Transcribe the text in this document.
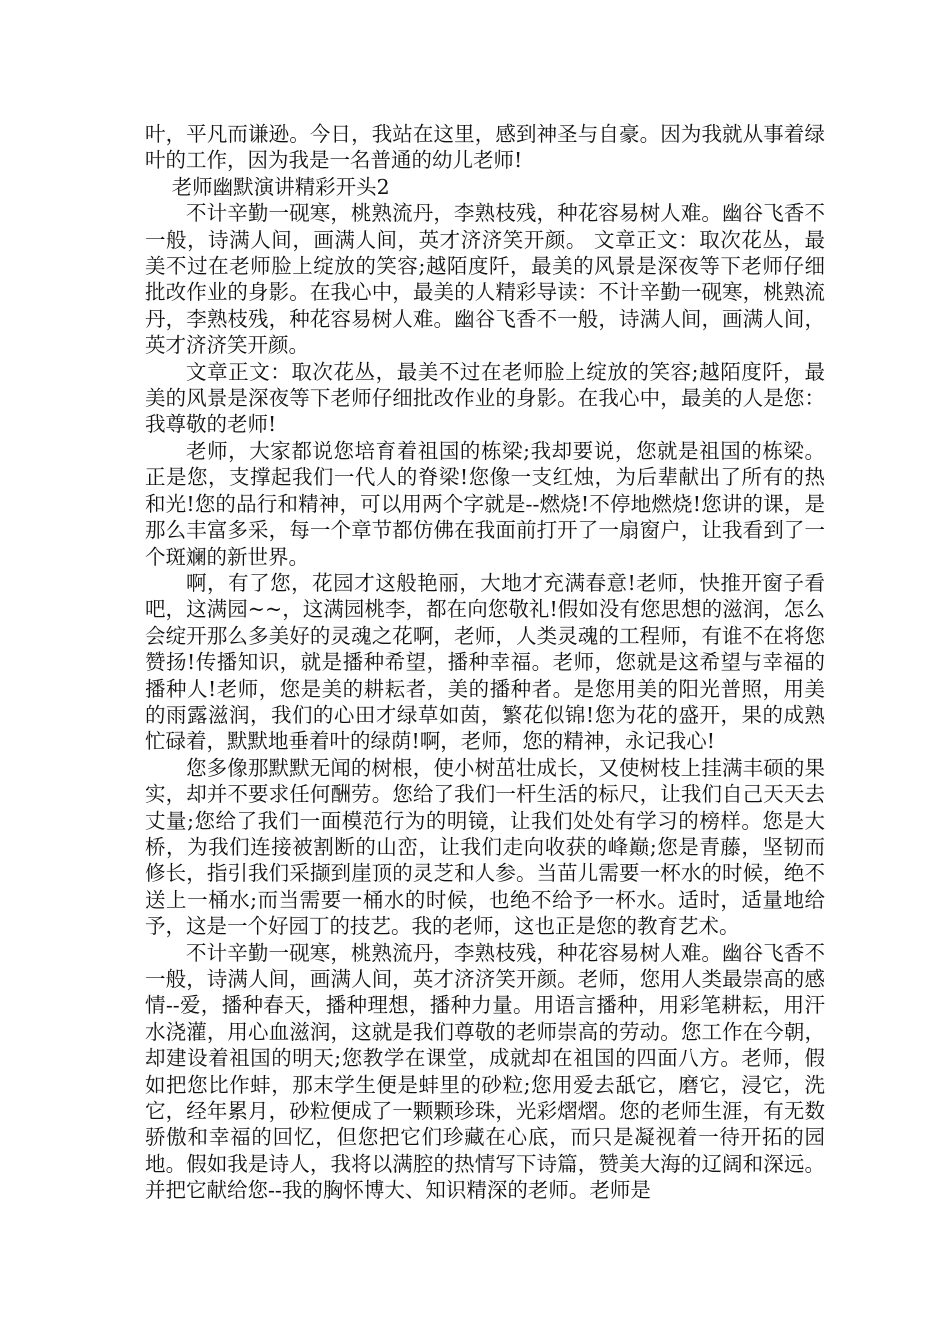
叶，平凡而谦逊。今日，我站在这里，感到神圣与自豪。因为我就从事着绿叶的工作，因为我是一名普通的幼儿老师!

老师幽默演讲精彩开头2

不计辛勤一砚寒，桃熟流丹，李熟枝残，种花容易树人难。幽谷飞香不一般，诗满人间，画满人间，英才济济笑开颜。 文章正文：取次花丛，最美不过在老师脸上绽放的笑容;越陌度阡，最美的风景是深夜等下老师仔细批改作业的身影。在我心中，最美的人精彩导读：不计辛勤一砚寒，桃熟流丹，李熟枝残，种花容易树人难。幽谷飞香不一般，诗满人间，画满人间，英才济济笑开颜。

文章正文：取次花丛，最美不过在老师脸上绽放的笑容;越陌度阡，最美的风景是深夜等下老师仔细批改作业的身影。在我心中，最美的人是您：我尊敬的老师!

老师，大家都说您培育着祖国的栋梁;我却要说，您就是祖国的栋梁。正是您，支撑起我们一代人的脊梁!您像一支红烛，为后辈献出了所有的热和光!您的品行和精神，可以用两个字就是--燃烧!不停地燃烧!您讲的课，是那么丰富多采，每一个章节都仿佛在我面前打开了一扇窗户，让我看到了一个斑斓的新世界。

啊，有了您，花园才这般艳丽，大地才充满春意!老师，快推开窗子看吧，这满园~~，这满园桃李，都在向您敬礼!假如没有您思想的滋润，怎么会绽开那么多美好的灵魂之花啊，老师，人类灵魂的工程师，有谁不在将您赞扬!传播知识，就是播种希望，播种幸福。老师，您就是这希望与幸福的播种人!老师，您是美的耕耘者，美的播种者。是您用美的阳光普照，用美的雨露滋润，我们的心田才绿草如茵，繁花似锦!您为花的盛开，果的成熟忙碌着，默默地垂着叶的绿荫!啊，老师，您的精神，永记我心!

您多像那默默无闻的树根，使小树茁壮成长，又使树枝上挂满丰硕的果实，却并不要求任何酬劳。您给了我们一杆生活的标尺，让我们自己天天去丈量;您给了我们一面模范行为的明镜，让我们处处有学习的榜样。您是大桥，为我们连接被割断的山峦，让我们走向收获的峰巅;您是青藤，坚韧而修长，指引我们采撷到崖顶的灵芝和人参。当苗儿需要一杯水的时候，绝不送上一桶水;而当需要一桶水的时候，也绝不给予一杯水。适时，适量地给予，这是一个好园丁的技艺。我的老师，这也正是您的教育艺术。

不计辛勤一砚寒，桃熟流丹，李熟枝残，种花容易树人难。幽谷飞香不一般，诗满人间，画满人间，英才济济笑开颜。老师，您用人类最崇高的感情--爱，播种春天，播种理想，播种力量。用语言播种，用彩笔耕耘，用汗水浇灌，用心血滋润，这就是我们尊敬的老师崇高的劳动。您工作在今朝，却建设着祖国的明天;您教学在课堂，成就却在祖国的四面八方。老师，假如把您比作蚌，那末学生便是蚌里的砂粒;您用爱去舐它，磨它，浸它，洗它，经年累月，砂粒便成了一颗颗珍珠，光彩熠熠。您的老师生涯，有无数骄傲和幸福的回忆，但您把它们珍藏在心底，而只是凝视着一待开拓的园地。假如我是诗人，我将以满腔的热情写下诗篇，赞美大海的辽阔和深远。并把它献给您--我的胸怀博大、知识精深的老师。老师是
